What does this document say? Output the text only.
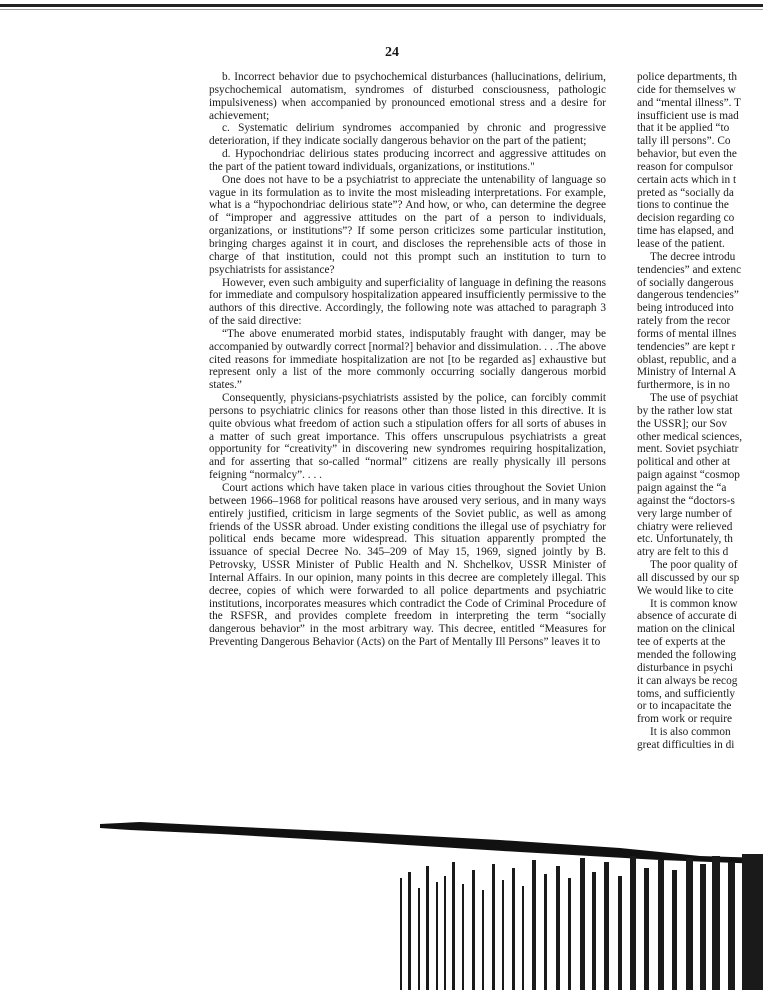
24

b. Incorrect behavior due to psychochemical disturbances (hallucinations, delirium, psychochemical automatism, syndromes of disturbed consciousness, pathologic impulsiveness) when accompanied by pronounced emotional stress and a desire for achievement;

c. Systematic delirium syndromes accompanied by chronic and progressive deterioration, if they indicate socially dangerous behavior on the part of the patient;

d. Hypochondriac delirious states producing incorrect and aggressive attitudes on the part of the patient toward individuals, organizations, or institutions."

One does not have to be a psychiatrist to appreciate the untenability of language so vague in its formulation as to invite the most misleading interpretations. For example, what is a “hypochondriac delirious state”? And how, or who, can determine the degree of “improper and aggressive attitudes on the part of a person to individuals, organizations, or institutions”? If some person criticizes some particular institution, bringing charges against it in court, and discloses the reprehensible acts of those in charge of that institution, could not this prompt such an institution to turn to psychiatrists for assistance?

However, even such ambiguity and superficiality of language in defining the reasons for immediate and compulsory hospitalization appeared insufficiently permissive to the authors of this directive. Accordingly, the following note was attached to paragraph 3 of the said directive:

“The above enumerated morbid states, indisputably fraught with danger, may be accompanied by outwardly correct [normal?] behavior and dissimulation. . . .The above cited reasons for immediate hospitalization are not [to be regarded as] exhaustive but represent only a list of the more commonly occurring socially dangerous morbid states.”

Consequently, physicians-psychiatrists assisted by the police, can forcibly commit persons to psychiatric clinics for reasons other than those listed in this directive. It is quite obvious what freedom of action such a stipulation offers for all sorts of abuses in a matter of such great importance. This offers unscrupulous psychiatrists a great opportunity for “creativity” in discovering new syndromes requiring hospitalization, and for asserting that so-called “normal” citizens are really physically ill persons feigning “normalcy”. . . .

Court actions which have taken place in various cities throughout the Soviet Union between 1966–1968 for political reasons have aroused very serious, and in many ways entirely justified, criticism in large segments of the Soviet public, as well as among friends of the USSR abroad. Under existing conditions the illegal use of psychiatry for political ends became more widespread. This situation apparently prompted the issuance of special Decree No. 345–209 of May 15, 1969, signed jointly by B. Petrovsky, USSR Minister of Public Health and N. Shchelkov, USSR Minister of Internal Affairs. In our opinion, many points in this decree are completely illegal. This decree, copies of which were forwarded to all police departments and psychiatric institutions, incorporates measures which contradict the Code of Criminal Procedure of the RSFSR, and provides complete freedom in interpreting the term “socially dangerous behavior” in the most arbitrary way. This decree, entitled “Measures for Preventing Dangerous Behavior (Acts) on the Part of Mentally Ill Persons” leaves it to

police departments, th
cide for themselves w
and “mental illness”. T
insufficient use is mad
that it be applied “to
tally ill persons”. Co
behavior, but even the
reason for compulsor
certain acts which in t
preted as “socially da
tions to continue the
decision regarding co
time has elapsed, and
lease of the patient.
The decree introdu
tendencies” and extenc
of socially dangerous
dangerous tendencies”
being introduced into
rately from the recor
forms of mental illnes
tendencies” are kept r
oblast, republic, and a
Ministry of Internal A
furthermore, is in no
The use of psychiat
by the rather low stat
the USSR]; our Sov
other medical sciences,
ment. Soviet psychiatr
political and other at
paign against “cosmop
paign against the “a
against the “doctors-s
very large number of
chiatry were relieved
etc. Unfortunately, th
atry are felt to this d
The poor quality of
all discussed by our sp
We would like to cite
It is common know
absence of accurate di
mation on the clinical
tee of experts at the
mended the following
disturbance in psychi
it can always be recog
toms, and sufficiently
or to incapacitate the
from work or require
It is also common
great difficulties in di
